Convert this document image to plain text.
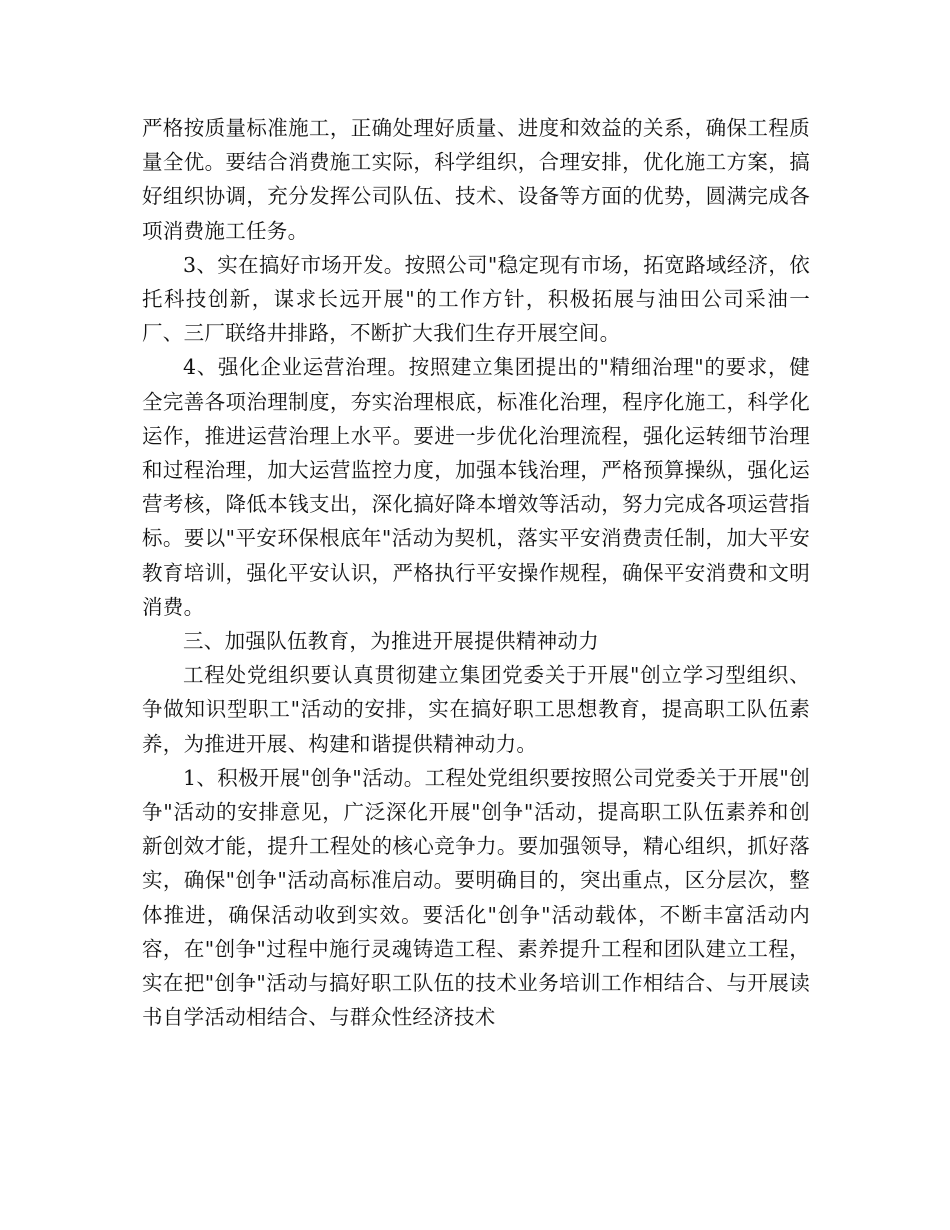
严格按质量标准施工，正确处理好质量、进度和效益的关系，确保工程质量全优。要结合消费施工实际，科学组织，合理安排，优化施工方案，搞好组织协调，充分发挥公司队伍、技术、设备等方面的优势，圆满完成各项消费施工任务。

3、实在搞好市场开发。按照公司"稳定现有市场，拓宽路域经济，依托科技创新，谋求长远开展"的工作方针，积极拓展与油田公司采油一厂、三厂联络井排路，不断扩大我们生存开展空间。

4、强化企业运营治理。按照建立集团提出的"精细治理"的要求，健全完善各项治理制度，夯实治理根底，标准化治理，程序化施工，科学化运作，推进运营治理上水平。要进一步优化治理流程，强化运转细节治理和过程治理，加大运营监控力度，加强本钱治理，严格预算操纵，强化运营考核，降低本钱支出，深化搞好降本增效等活动，努力完成各项运营指标。要以"平安环保根底年"活动为契机，落实平安消费责任制，加大平安教育培训，强化平安认识，严格执行平安操作规程，确保平安消费和文明消费。

三、加强队伍教育，为推进开展提供精神动力

工程处党组织要认真贯彻建立集团党委关于开展"创立学习型组织、争做知识型职工"活动的安排，实在搞好职工思想教育，提高职工队伍素养，为推进开展、构建和谐提供精神动力。

1、积极开展"创争"活动。工程处党组织要按照公司党委关于开展"创争"活动的安排意见，广泛深化开展"创争"活动，提高职工队伍素养和创新创效才能，提升工程处的核心竞争力。要加强领导，精心组织，抓好落实，确保"创争"活动高标准启动。要明确目的，突出重点，区分层次，整体推进，确保活动收到实效。要活化"创争"活动载体，不断丰富活动内容，在"创争"过程中施行灵魂铸造工程、素养提升工程和团队建立工程，实在把"创争"活动与搞好职工队伍的技术业务培训工作相结合、与开展读书自学活动相结合、与群众性经济技术
